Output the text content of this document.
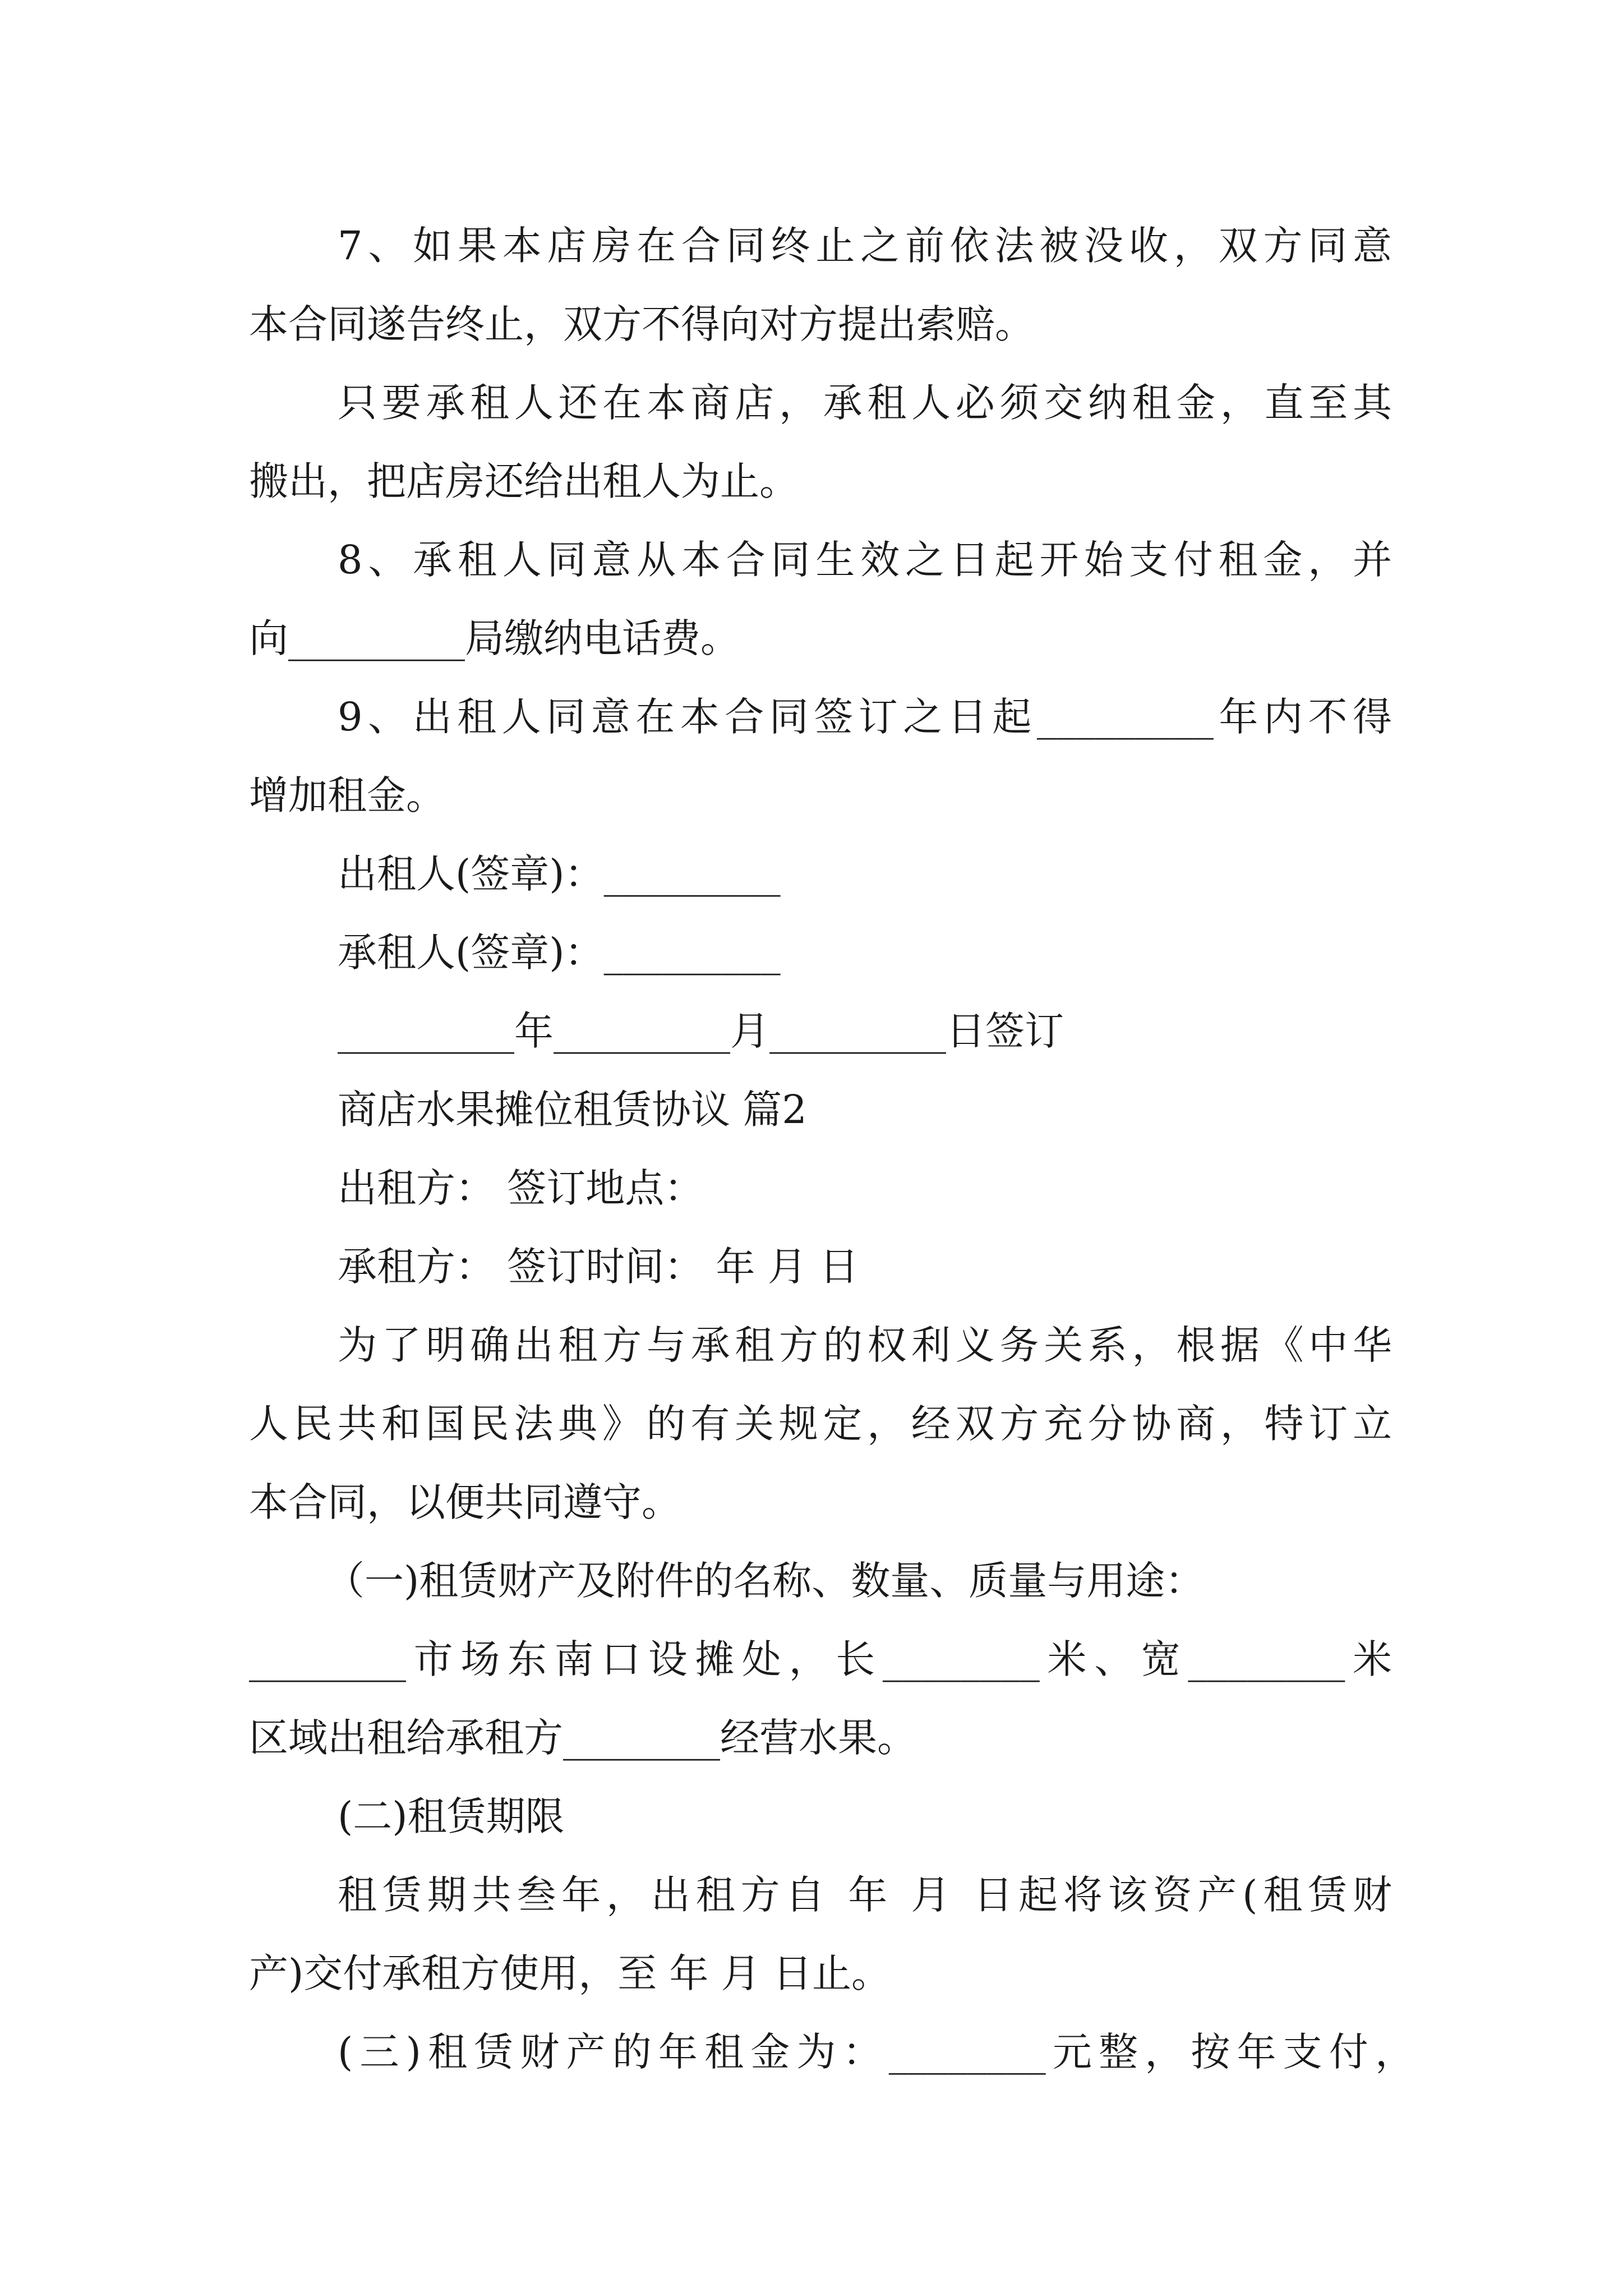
7、如果本店房在合同终止之前依法被没收，双方同意

本合同遂告终止，双方不得向对方提出索赔。

只要承租人还在本商店，承租人必须交纳租金，直至其

搬出，把店房还给出租人为止。

8、承租人同意从本合同生效之日起开始支付租金，并

向_________局缴纳电话费。

9、出租人同意在本合同签订之日起_________年内不得

增加租金。

出租人(签章)：_________

承租人(签章)：_________

_________年_________月_________日签订

商店水果摊位租赁协议 篇2

出租方： 签订地点：

承租方： 签订时间： 年 月 日

为了明确出租方与承租方的权利义务关系，根据《中华

人民共和国民法典》的有关规定，经双方充分协商，特订立

本合同，以便共同遵守。

（一)租赁财产及附件的名称、数量、质量与用途：

________市场东南口设摊处，长________米、宽________米

区域出租给承租方________经营水果。

(二)租赁期限

租赁期共叁年，出租方自 年 月 日起将该资产(租赁财

产)交付承租方使用，至 年 月 日止。

(三)租赁财产的年租金为：________元整，按年支付，
